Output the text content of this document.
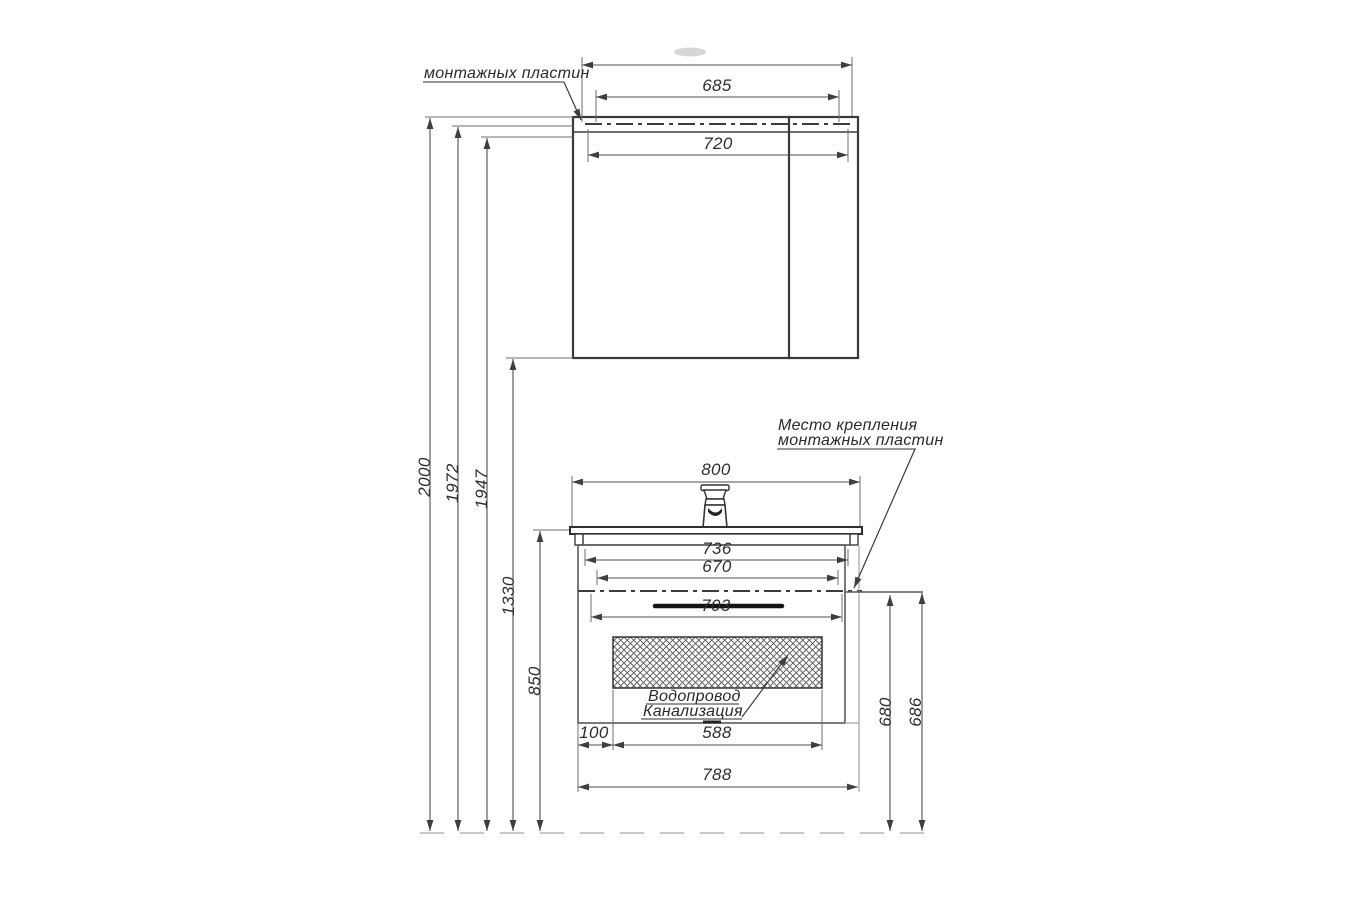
685
720
2000 1972 1947
1330
850
800
736
670
703
100	588
788
680 686
монтажных пластин
Место крепления
монтажных пластин
Водопровод
Канализация
